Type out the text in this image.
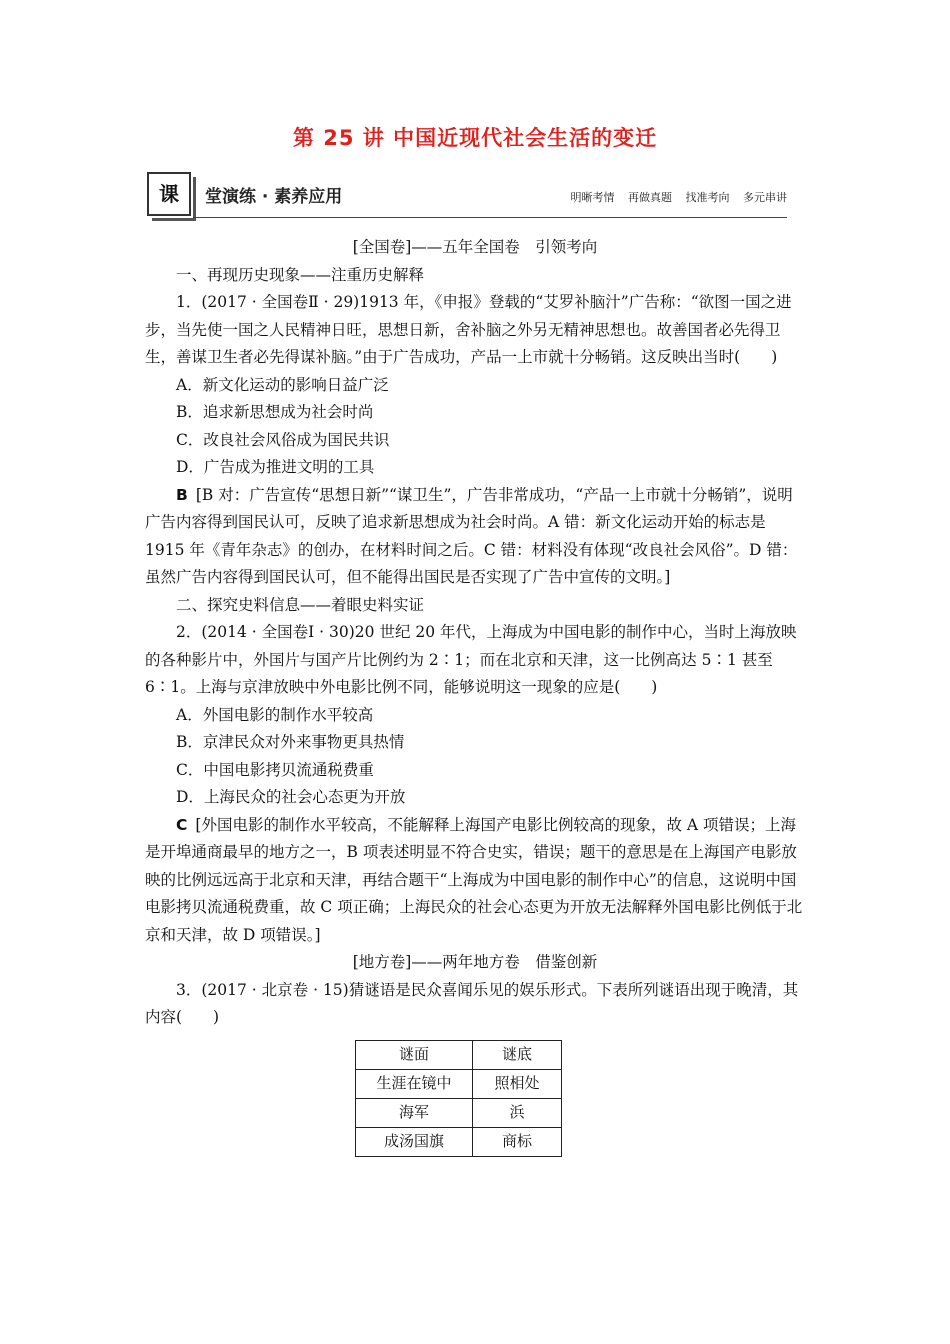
第 25 讲 中国近现代社会生活的变迁
课	堂演练 · 素养应用	明晰考情 再做真题 找准考向 多元串讲

[全国卷]——五年全国卷　引领考向

一、再现历史现象——注重历史解释

1．(2017 · 全国卷Ⅱ · 29)1913 年，《申报》登载的“艾罗补脑汁”广告称：“欲图一国之进步，当先使一国之人民精神日旺，思想日新，舍补脑之外另无精神思想也。故善国者必先得卫生，善谋卫生者必先得谋补脑。”由于广告成功，产品一上市就十分畅销。这反映出当时(　　)

A．新文化运动的影响日益广泛

B．追求新思想成为社会时尚

C．改良社会风俗成为国民共识

D．广告成为推进文明的工具

B [B 对：广告宣传“思想日新”“谋卫生”，广告非常成功，“产品一上市就十分畅销”，说明广告内容得到国民认可，反映了追求新思想成为社会时尚。A 错：新文化运动开始的标志是 1915 年《青年杂志》的创办，在材料时间之后。C 错：材料没有体现“改良社会风俗”。D 错：虽然广告内容得到国民认可，但不能得出国民是否实现了广告中宣传的文明。]

二、探究史料信息——着眼史料实证

2．(2014 · 全国卷Ⅰ · 30)20 世纪 20 年代，上海成为中国电影的制作中心，当时上海放映的各种影片中，外国片与国产片比例约为 2∶1；而在北京和天津，这一比例高达 5∶1 甚至 6∶1。上海与京津放映中外电影比例不同，能够说明这一现象的应是(　　)

A．外国电影的制作水平较高

B．京津民众对外来事物更具热情

C．中国电影拷贝流通税费重

D．上海民众的社会心态更为开放

C [外国电影的制作水平较高，不能解释上海国产电影比例较高的现象，故 A 项错误；上海是开埠通商最早的地方之一，B 项表述明显不符合史实，错误；题干的意思是在上海国产电影放映的比例远远高于北京和天津，再结合题干“上海成为中国电影的制作中心”的信息，这说明中国电影拷贝流通税费重，故 C 项正确；上海民众的社会心态更为开放无法解释外国电影比例低于北京和天津，故 D 项错误。]

[地方卷]——两年地方卷　借鉴创新

3．(2017 · 北京卷 · 15)猜谜语是民众喜闻乐见的娱乐形式。下表所列谜语出现于晚清，其内容(　　)

谜面	谜底
生涯在镜中	照相处
海军	浜
成汤国旗	商标
